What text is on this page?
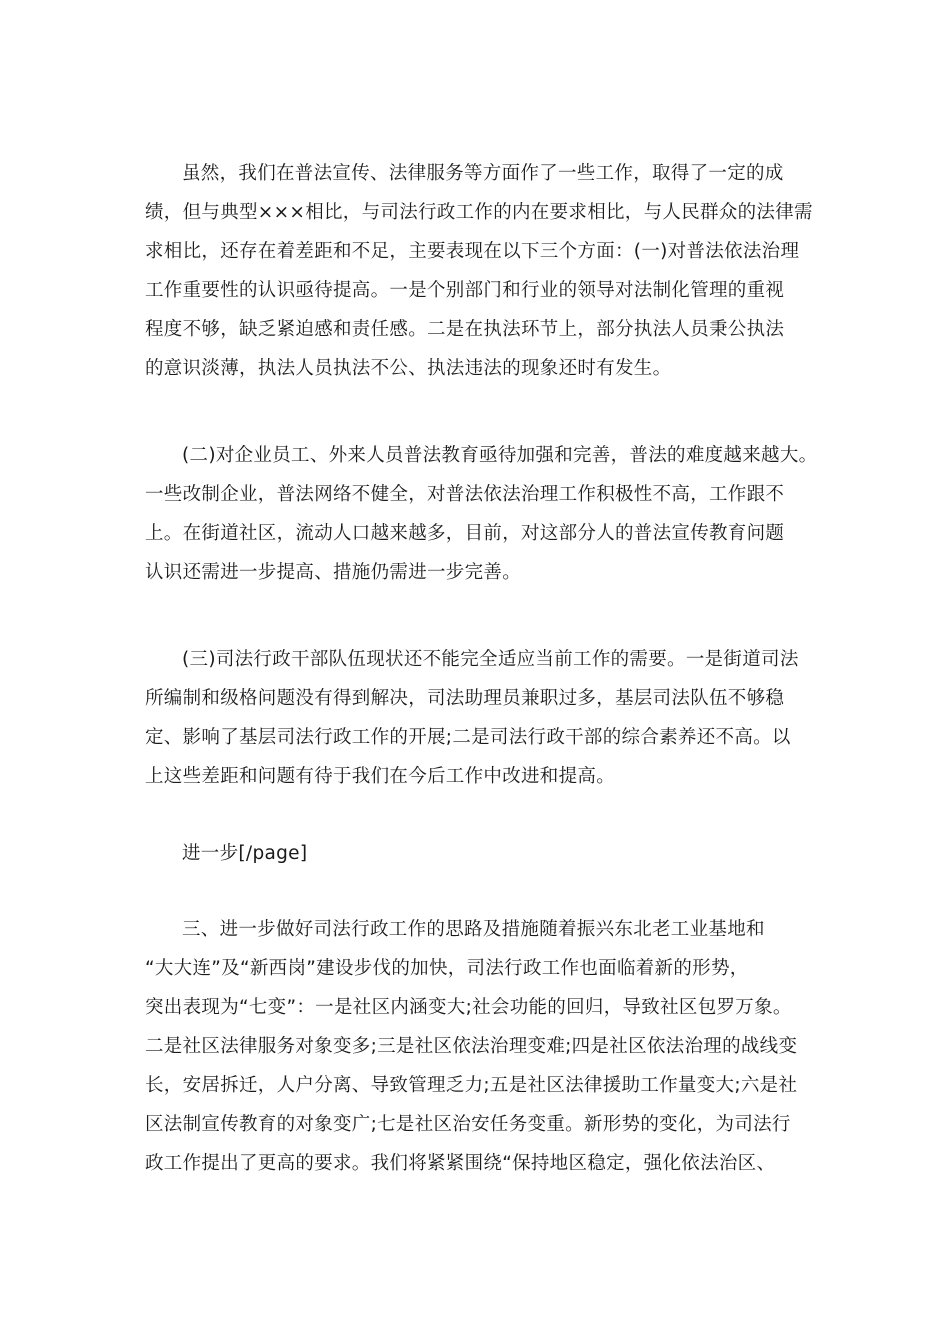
虽然，我们在普法宣传、法律服务等方面作了一些工作，取得了一定的成
绩，但与典型×××相比，与司法行政工作的内在要求相比，与人民群众的法律需
求相比，还存在着差距和不足，主要表现在以下三个方面：(一)对普法依法治理
工作重要性的认识亟待提高。一是个别部门和行业的领导对法制化管理的重视
程度不够，缺乏紧迫感和责任感。二是在执法环节上，部分执法人员秉公执法
的意识淡薄，执法人员执法不公、执法违法的现象还时有发生。
(二)对企业员工、外来人员普法教育亟待加强和完善，普法的难度越来越大。
一些改制企业，普法网络不健全，对普法依法治理工作积极性不高，工作跟不
上。在街道社区，流动人口越来越多，目前，对这部分人的普法宣传教育问题
认识还需进一步提高、措施仍需进一步完善。
(三)司法行政干部队伍现状还不能完全适应当前工作的需要。一是街道司法
所编制和级格问题没有得到解决，司法助理员兼职过多，基层司法队伍不够稳
定、影响了基层司法行政工作的开展;二是司法行政干部的综合素养还不高。以
上这些差距和问题有待于我们在今后工作中改进和提高。
进一步[/page]
三、进一步做好司法行政工作的思路及措施随着振兴东北老工业基地和
“大大连”及“新西岗”建设步伐的加快，司法行政工作也面临着新的形势，
突出表现为“七变”：一是社区内涵变大;社会功能的回归，导致社区包罗万象。
二是社区法律服务对象变多;三是社区依法治理变难;四是社区依法治理的战线变
长，安居拆迁，人户分离、导致管理乏力;五是社区法律援助工作量变大;六是社
区法制宣传教育的对象变广;七是社区治安任务变重。新形势的变化，为司法行
政工作提出了更高的要求。我们将紧紧围绕“保持地区稳定，强化依法治区、
